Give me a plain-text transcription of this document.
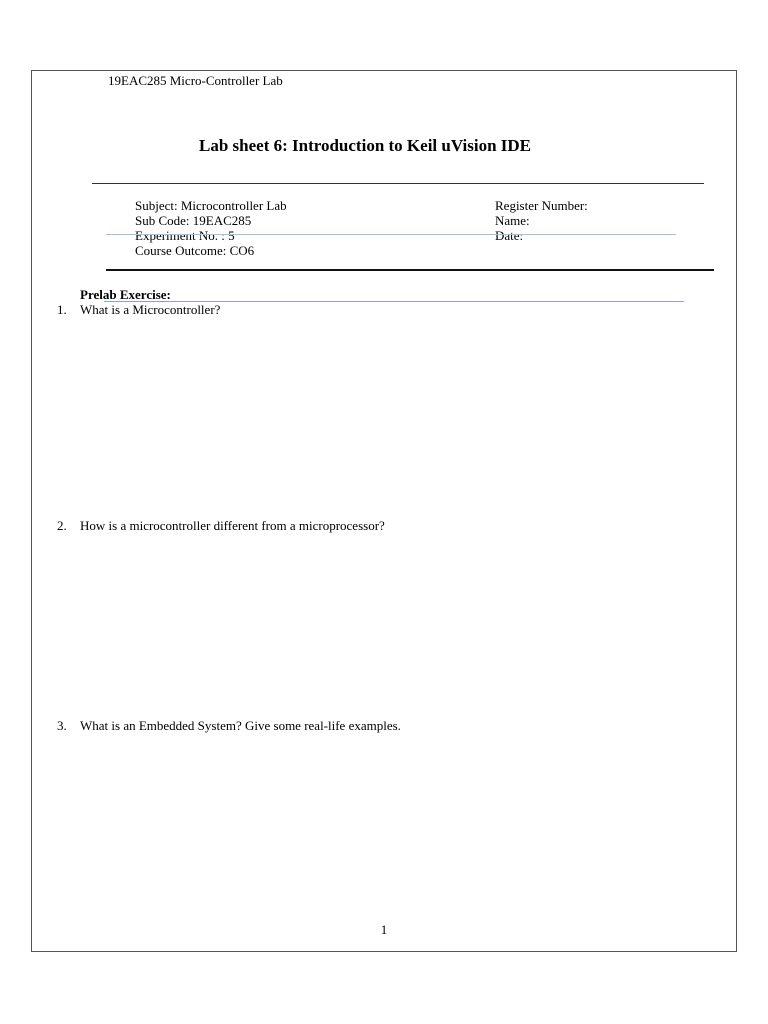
19EAC285 Micro-Controller Lab
Lab sheet 6: Introduction to Keil uVision IDE
Subject: Microcontroller Lab
Sub Code: 19EAC285
Experiment No. : 5
Course Outcome: CO6
Register Number:
Name:
Date:
Prelab Exercise:
1. What is a Microcontroller?
2. How is a microcontroller different from a microprocessor?
3. What is an Embedded System? Give some real-life examples.
1
